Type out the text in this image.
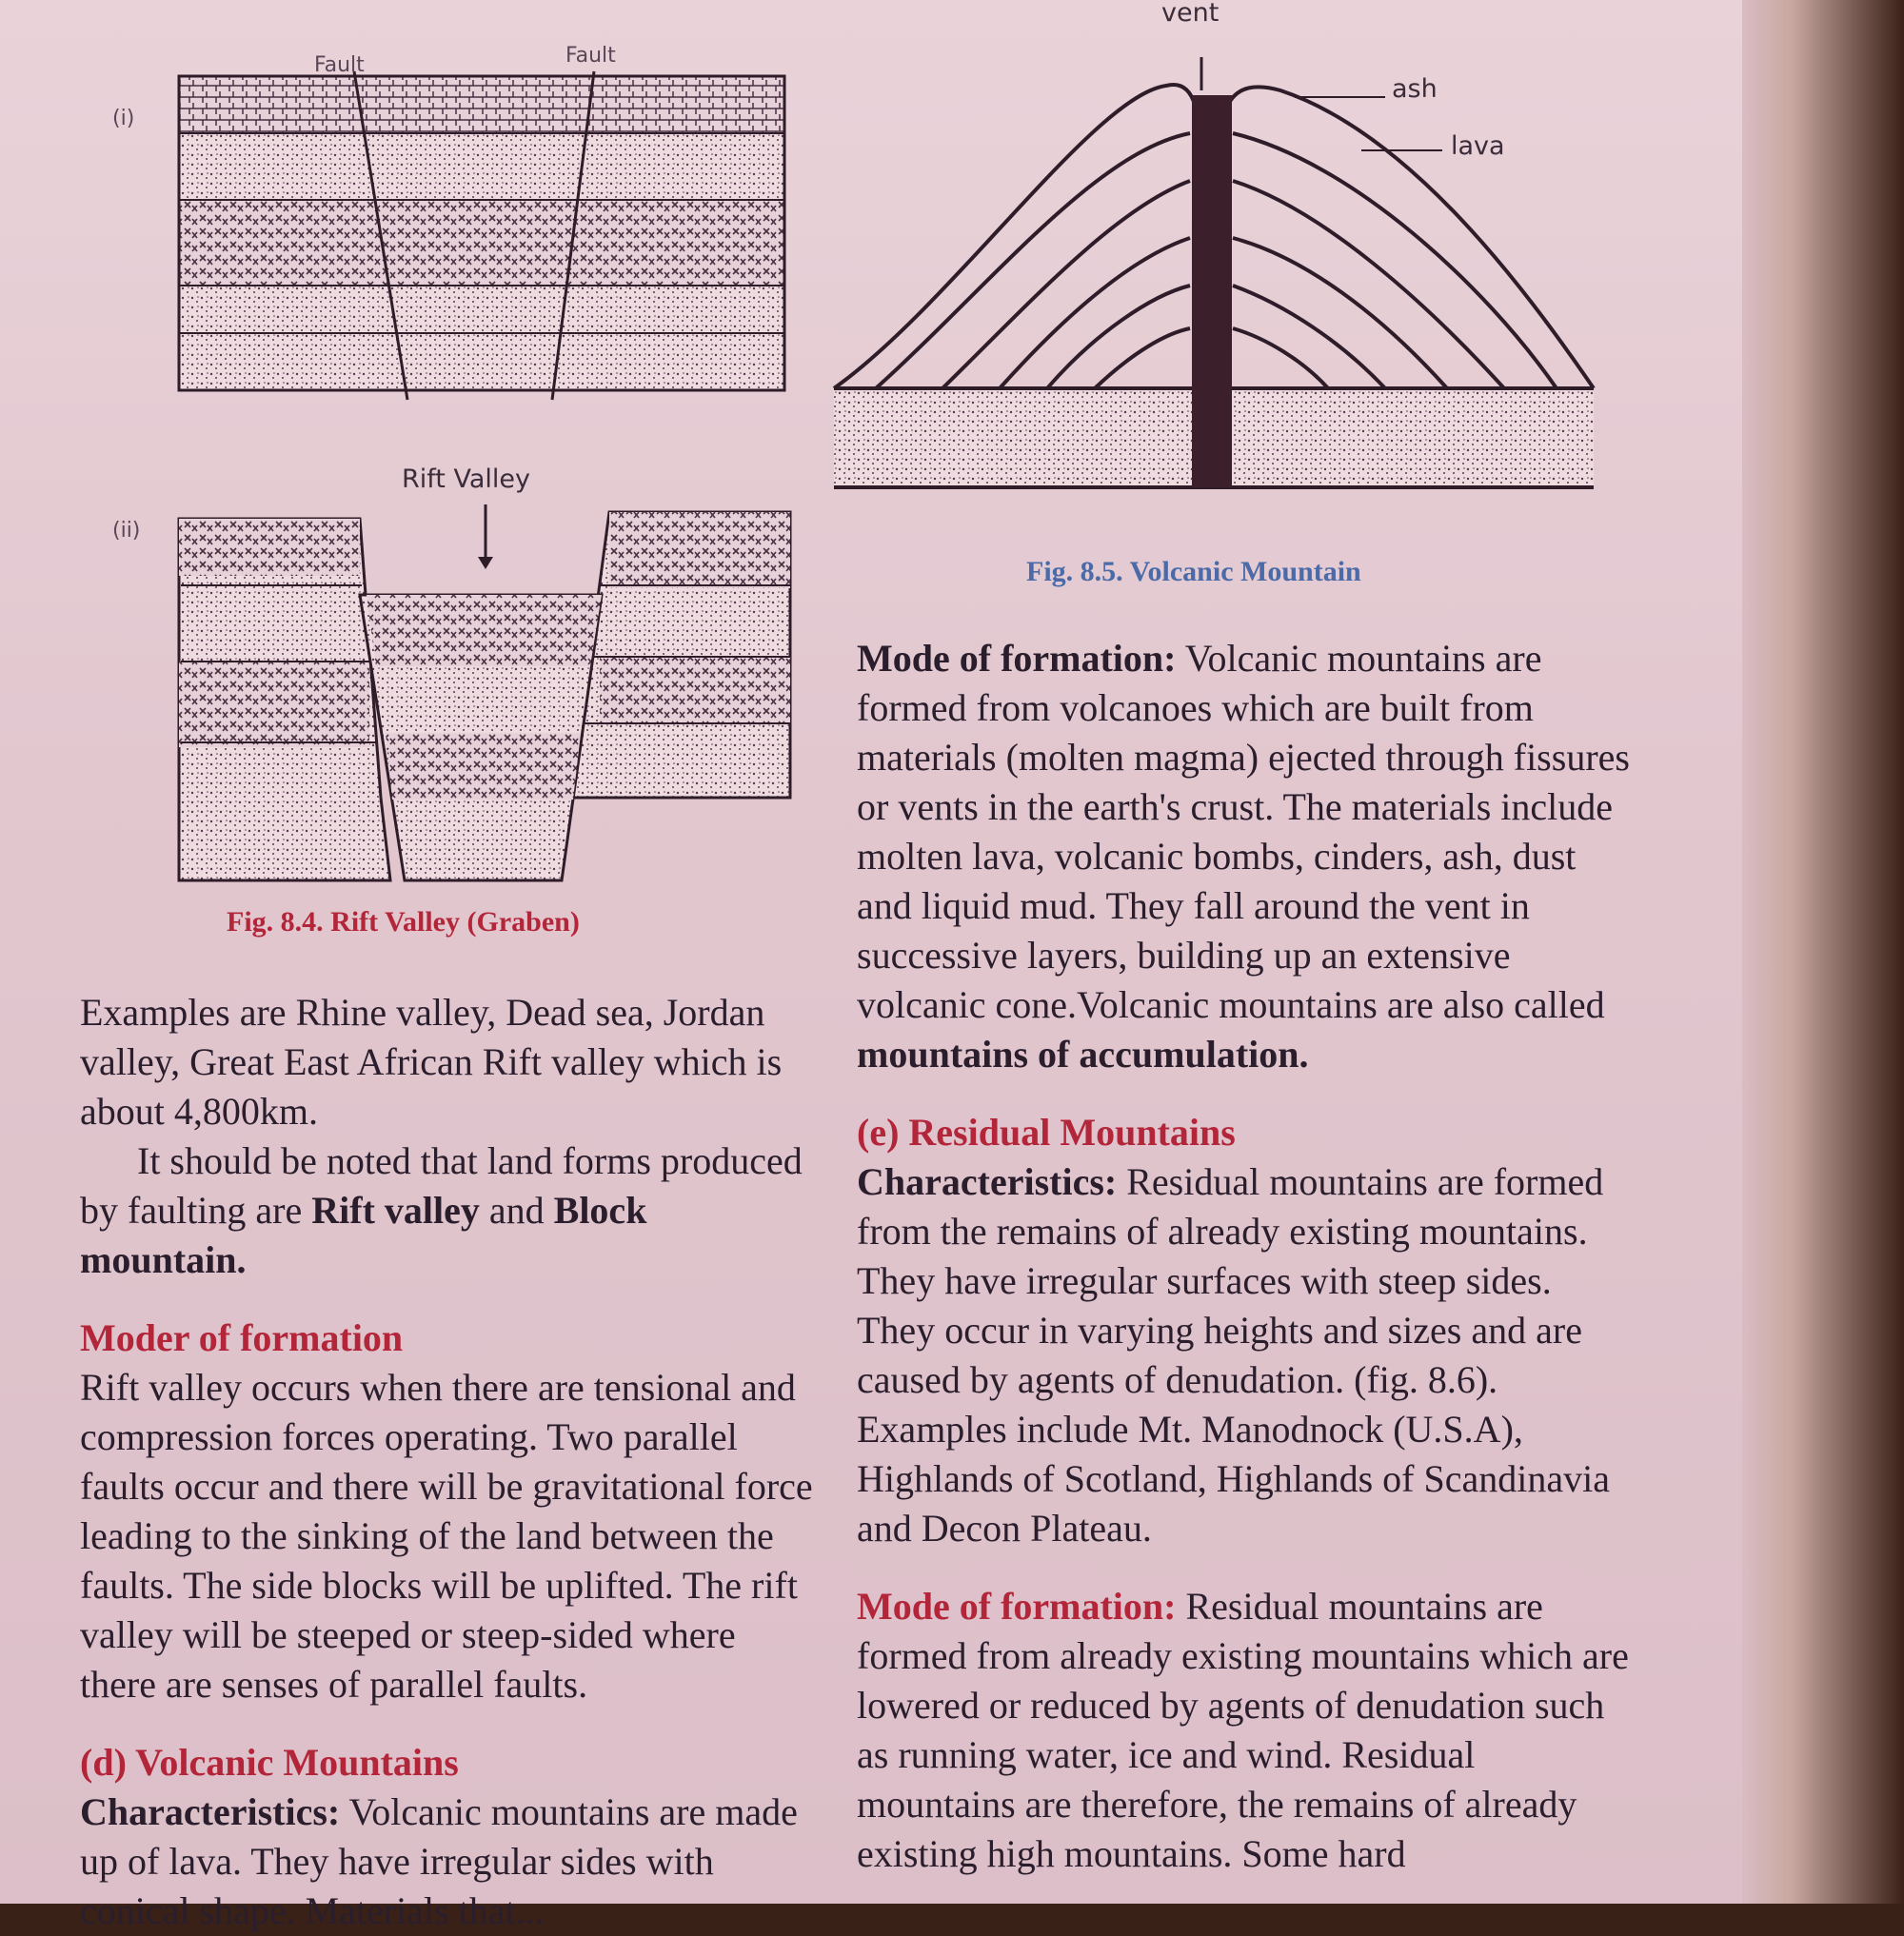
(i)
(ii)
Fault	Fault
Rift Valley
Fig. 8.4. Rift Valley (Graben)
vent
ash
lava
Fig. 8.5. Volcanic Mountain

Examples are Rhine valley, Dead sea, Jordan valley, Great East African Rift valley which is about 4,800km.

It should be noted that land forms produced by faulting are Rift valley and Block mountain.

Moder of formation

Rift valley occurs when there are tensional and compression forces operating. Two parallel faults occur and there will be gravitational force leading to the sinking of the land between the faults. The side blocks will be uplifted. The rift valley will be steeped or steep-sided where there are senses of parallel faults.

(d) Volcanic Mountains

Characteristics: Volcanic mountains are made up of lava. They have irregular sides with conical shape. Materials that...

Mode of formation: Volcanic mountains are formed from volcanoes which are built from materials (molten magma) ejected through fissures or vents in the earth's crust. The materials include molten lava, volcanic bombs, cinders, ash, dust and liquid mud. They fall around the vent in successive layers, building up an extensive volcanic cone.Volcanic mountains are also called mountains of accumulation.

(e) Residual Mountains

Characteristics: Residual mountains are formed from the remains of already existing mountains. They have irregular surfaces with steep sides. They occur in varying heights and sizes and are caused by agents of denudation. (fig. 8.6). Examples include Mt. Manodnock (U.S.A), Highlands of Scotland, Highlands of Scandinavia and Decon Plateau.

Mode of formation: Residual mountains are formed from already existing mountains which are lowered or reduced by agents of denudation such as running water, ice and wind. Residual mountains are therefore, the remains of already existing high mountains. Some hard
